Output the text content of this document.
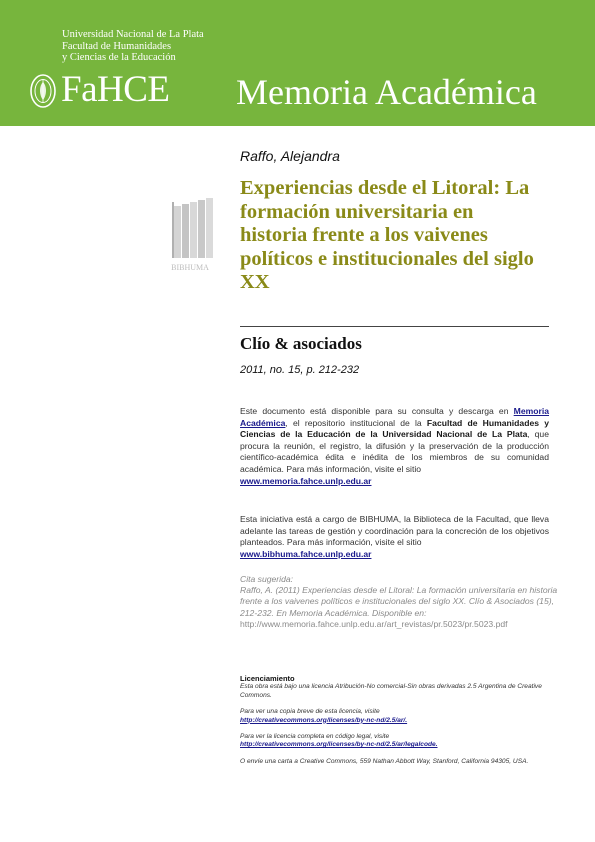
Universidad Nacional de La Plata
Facultad de Humanidades
y Ciencias de la Educación
FaHCE Memoria Académica
BIBHUMA
Raffo, Alejandra
Experiencias desde el Litoral: La formación universitaria en historia frente a los vaivenes políticos e institucionales del siglo XX
Clío & asociados
2011, no. 15, p. 212-232
Este documento está disponible para su consulta y descarga en Memoria Académica, el repositorio institucional de la Facultad de Humanidades y Ciencias de la Educación de la Universidad Nacional de La Plata, que procura la reunión, el registro, la difusión y la preservación de la producción científico-académica édita e inédita de los miembros de su comunidad académica. Para más información, visite el sitio
www.memoria.fahce.unlp.edu.ar
Esta iniciativa está a cargo de BIBHUMA, la Biblioteca de la Facultad, que lleva adelante las tareas de gestión y coordinación para la concreción de los objetivos planteados. Para más información, visite el sitio
www.bibhuma.fahce.unlp.edu.ar
Cita sugerida:
Raffo, A. (2011) Experiencias desde el Litoral: La formación universitaria en historia frente a los vaivenes políticos e institucionales del siglo XX. Clío & Asociados (15), 212-232. En Memoria Académica. Disponible en:
http://www.memoria.fahce.unlp.edu.ar/art_revistas/pr.5023/pr.5023.pdf
Licenciamiento
Esta obra está bajo una licencia Atribución-No comercial-Sin obras derivadas 2.5 Argentina de Creative Commons.
Para ver una copia breve de esta licencia, visite
http://creativecommons.org/licenses/by-nc-nd/2.5/ar/.
Para ver la licencia completa en código legal, visite
http://creativecommons.org/licenses/by-nc-nd/2.5/ar/legalcode.
O envíe una carta a Creative Commons, 559 Nathan Abbott Way, Stanford, California 94305, USA.
